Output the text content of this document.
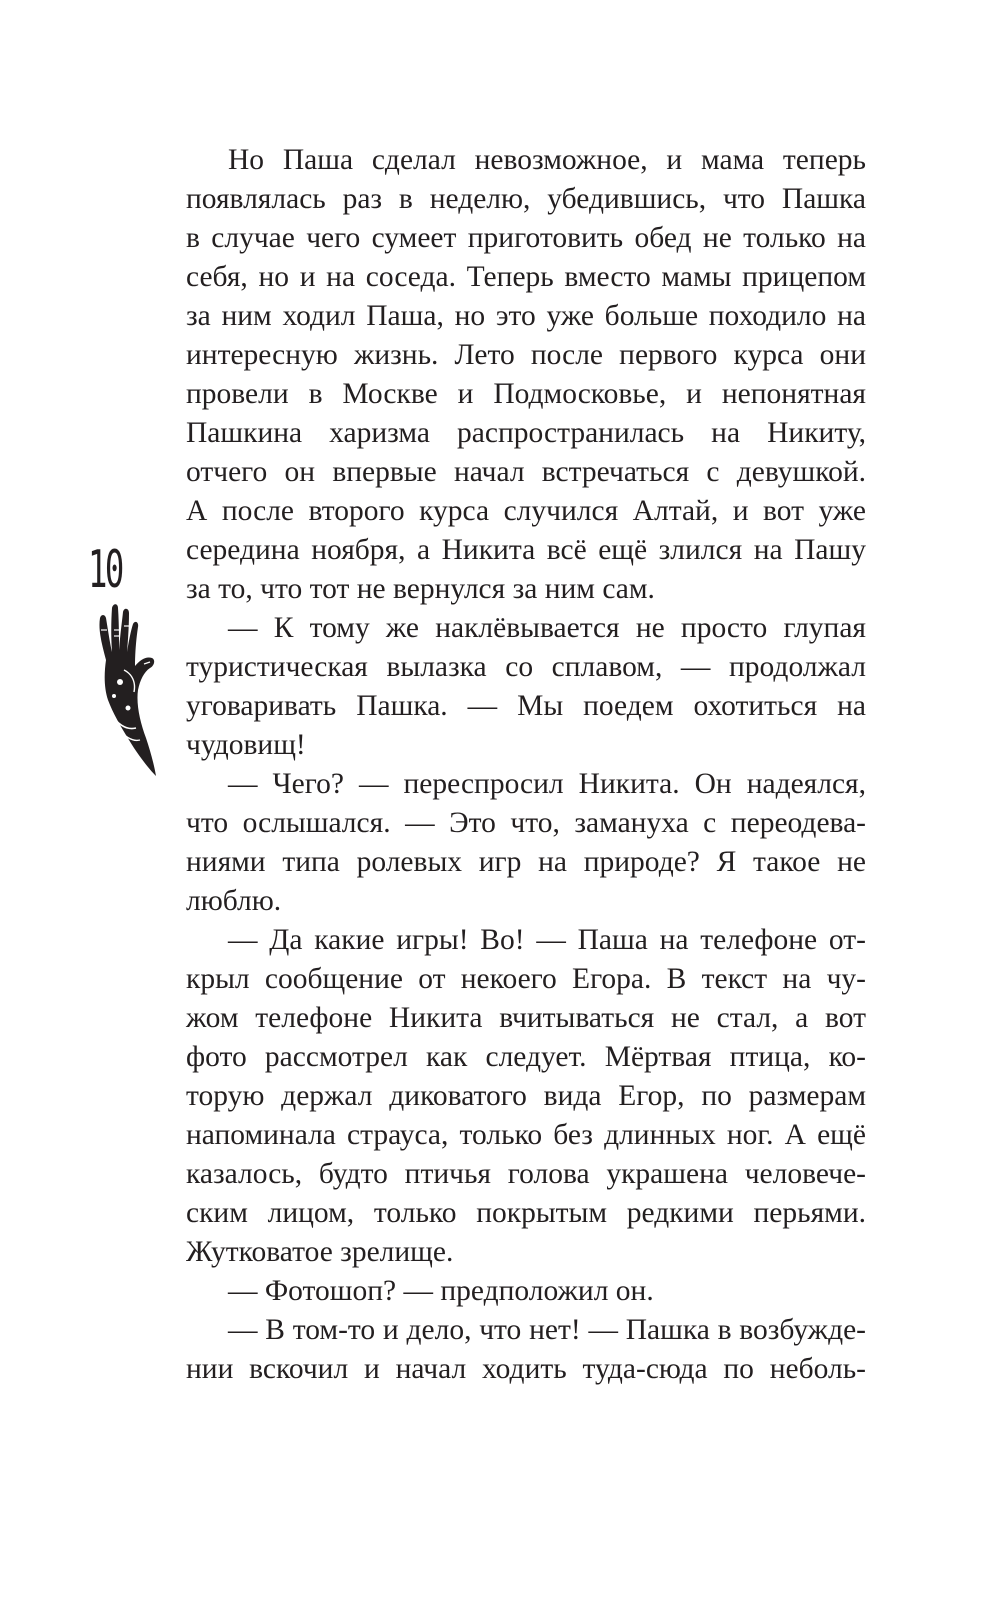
10
Но Паша сделал невозможное, и мама теперь
появлялась раз в неделю, убедившись, что Пашка
в случае чего сумеет приготовить обед не только на
себя, но и на соседа. Теперь вместо мамы прицепом
за ним ходил Паша, но это уже больше походило на
интересную жизнь. Лето после первого курса они
провели в Москве и Подмосковье, и непонятная
Пашкина харизма распространилась на Никиту,
отчего он впервые начал встречаться с девушкой.
А после второго курса случился Алтай, и вот уже
середина ноября, а Никита всё ещё злился на Пашу
за то, что тот не вернулся за ним сам.
— К тому же наклёвывается не просто глупая
туристическая вылазка со сплавом, — продолжал
уговаривать Пашка. — Мы поедем охотиться на
чудовищ!
— Чего? — переспросил Никита. Он надеялся,
что ослышался. — Это что, замануха с переодева-
ниями типа ролевых игр на природе? Я такое не
люблю.
— Да какие игры! Во! — Паша на телефоне от-
крыл сообщение от некоего Егора. В текст на чу-
жом телефоне Никита вчитываться не стал, а вот
фото рассмотрел как следует. Мёртвая птица, ко-
торую держал диковатого вида Егор, по размерам
напоминала страуса, только без длинных ног. А ещё
казалось, будто птичья голова украшена человече-
ским лицом, только покрытым редкими перьями.
Жутковатое зрелище.
— Фотошоп? — предположил он.
— В том-то и дело, что нет! — Пашка в возбужде-
нии вскочил и начал ходить туда-сюда по неболь-
